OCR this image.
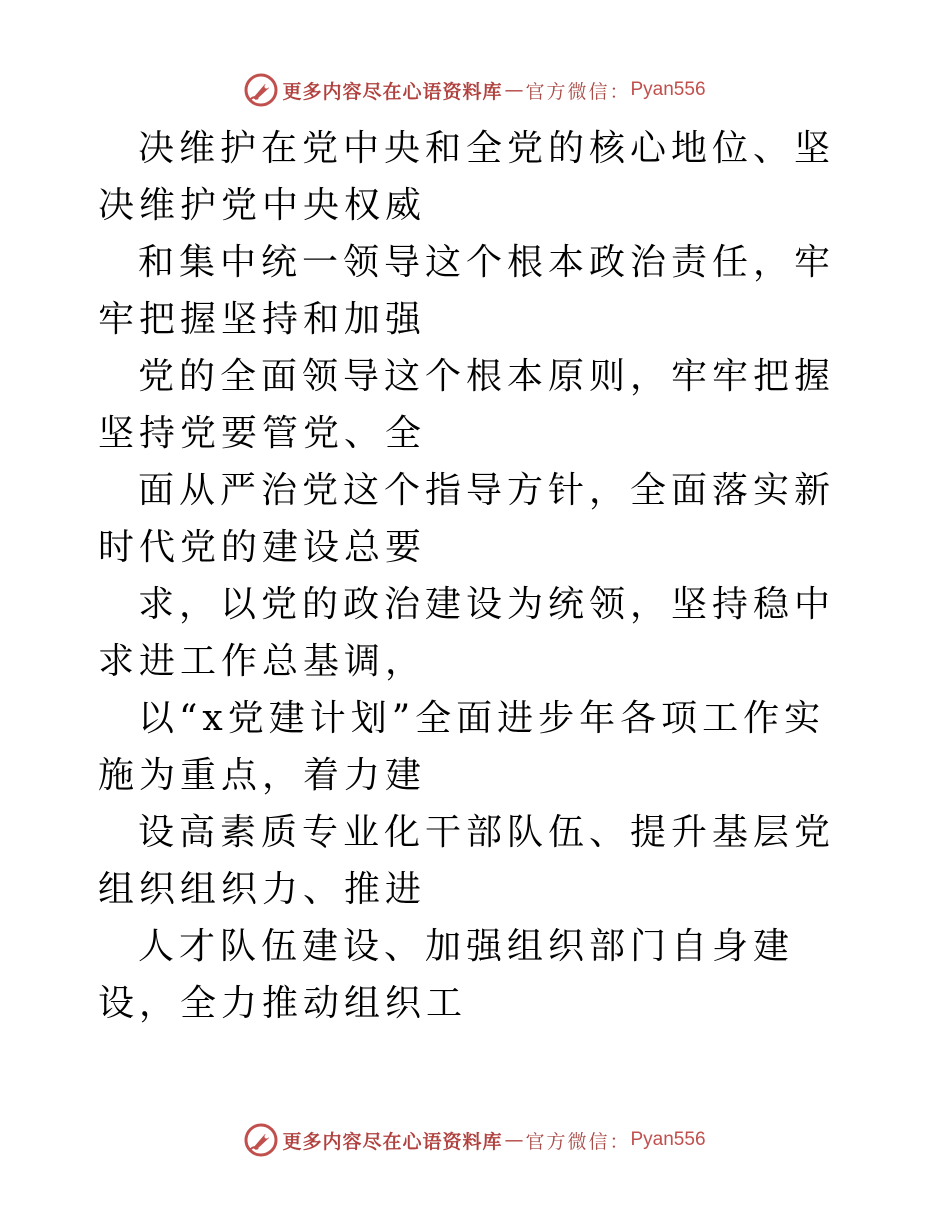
更多内容尽在心语资料库 — 官方微信： Pyan556

决维护在党中央和全党的核心地位、坚决维护党中央权威

和集中统一领导这个根本政治责任，牢牢把握坚持和加强

党的全面领导这个根本原则，牢牢把握坚持党要管党、全

面从严治党这个指导方针，全面落实新时代党的建设总要

求，以党的政治建设为统领，坚持稳中求进工作总基调，

以“x党建计划”全面进步年各项工作实施为重点，着力建

设高素质专业化干部队伍、提升基层党组织组织力、推进

人才队伍建设、加强组织部门自身建设，全力推动组织工

更多内容尽在心语资料库 — 官方微信： Pyan556
